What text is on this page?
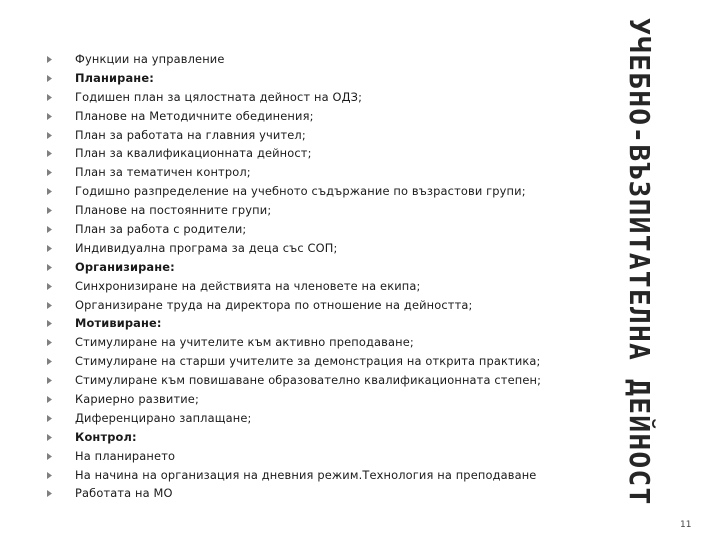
Функции на управление
Планиране:
Годишен план за цялостната дейност на ОДЗ;
Планове на Методичните обединения;
План за работата на главния учител;
План за квалификационната дейност;
План за тематичен контрол;
Годишно разпределение на учебното съдържание по възрастови групи;
Планове на постоянните групи;
План за работа с родители;
Индивидуална програма за деца със СОП;
Организиране:
Синхронизиране на действията на членовете на екипа;
Организиране труда на директора по отношение на дейността;
Мотивиране:
Стимулиране на учителите към активно преподаване;
Стимулиране на старши учителите за демонстрация на открита практика;
Стимулиране към повишаване образователно квалификационната степен;
Кариерно развитие;
Диференцирано заплащане;
Контрол:
На планирането
На начина на организация на дневния режим.Технология на преподаване
Работата на МО	УЧЕБНО-ВЪЗПИТАТЕЛНА ДЕЙНОСТ
11
